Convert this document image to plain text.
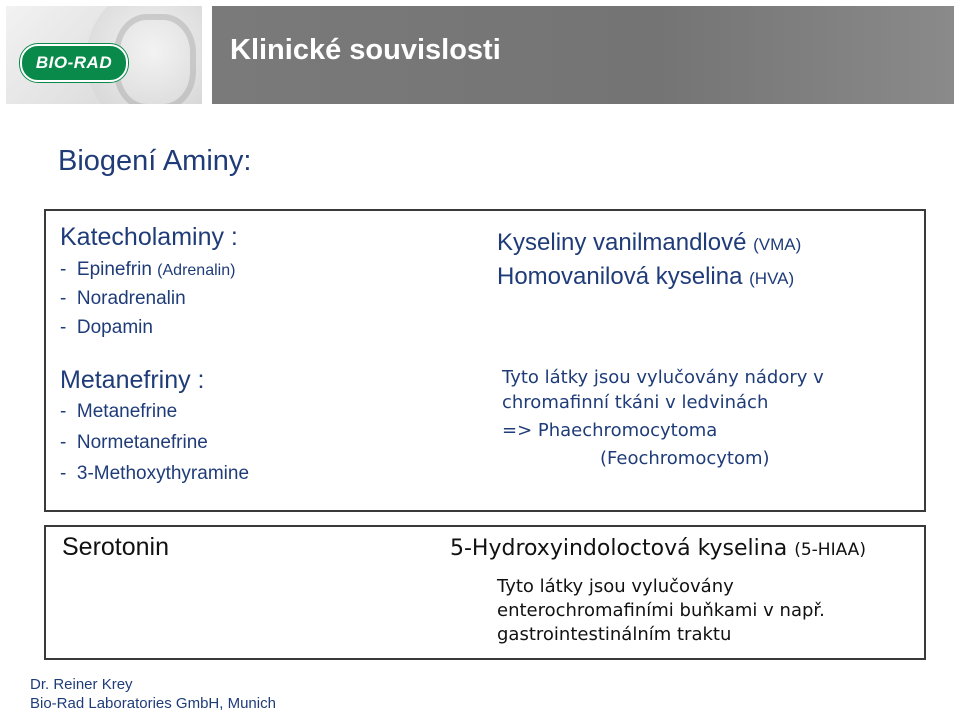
BIO-RAD	Klinické souvislosti
Biogení Aminy:
Katecholaminy :
- Epinefrin (Adrenalin)
- Noradrenalin
- Dopamin
Metanefriny :
- Metanefrine
- Normetanefrine
- 3-Methoxythyramine
Kyseliny vanilmandlové (VMA)
Homovanilová kyselina (HVA)
Tyto látky jsou vylučovány nádory v
chromafinní tkáni v ledvinách
=> Phaechromocytoma
(Feochromocytom)
Serotonin	5-Hydroxyindoloctová kyselina (5-HIAA)
Tyto látky jsou vylučovány
enterochromafiními buňkami v např.
gastrointestinálním traktu
Dr. Reiner Krey
Bio-Rad Laboratories GmbH, Munich
